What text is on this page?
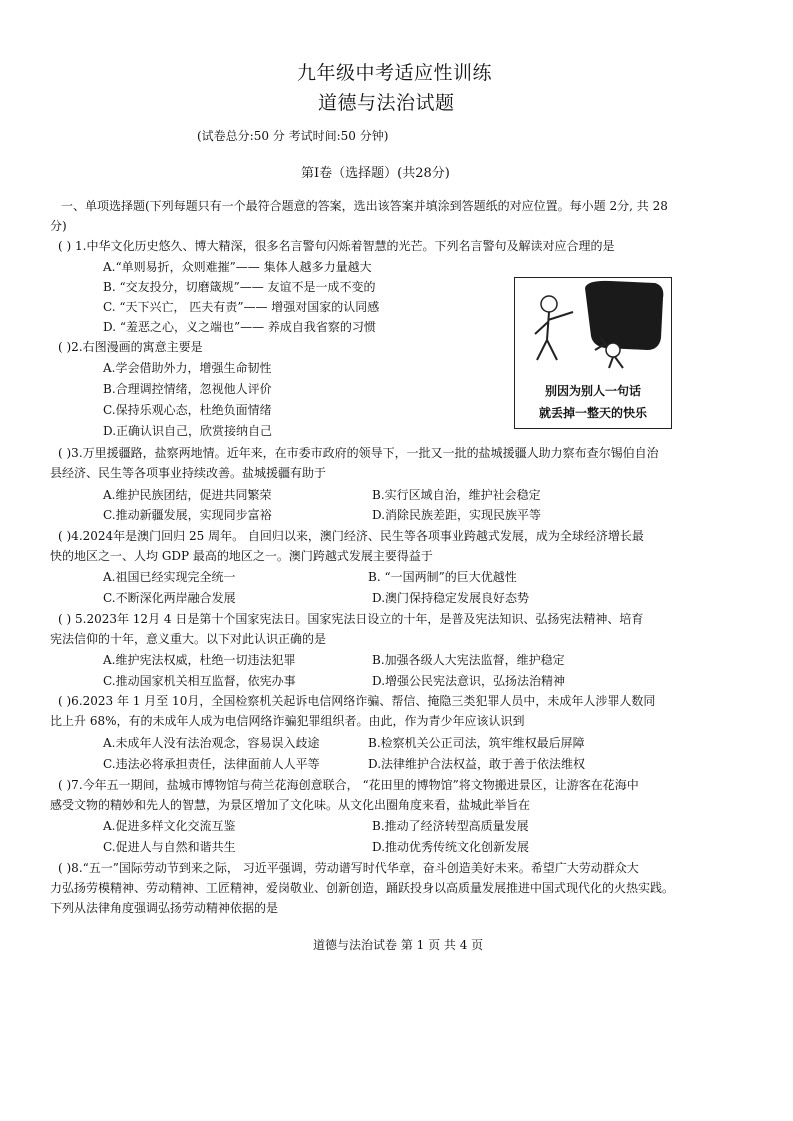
九年级中考适应性训练
道德与法治试题
(试卷总分:50 分 考试时间:50 分钟)
第Ⅰ卷（选择题）(共28分)
一、单项选择题(下列每题只有一个最符合题意的答案，选出该答案并填涂到答题纸的对应位置。每小题 2分, 共 28
分)
( ) 1.中华文化历史悠久、博大精深，很多名言警句闪烁着智慧的光芒。下列名言警句及解读对应合理的是
A.“单则易折，众则难摧”—— 集体人越多力量越大
B. “交友投分，切磨箴规”—— 友谊不是一成不变的
C. “天下兴亡， 匹夫有责”—— 增强对国家的认同感
D. “羞恶之心，义之端也”—— 养成自我省察的习惯
别因为别人一句话
就丢掉一整天的快乐
( )2.右图漫画的寓意主要是
A.学会借助外力，增强生命韧性
B.合理调控情绪，忽视他人评价
C.保持乐观心态，杜绝负面情绪
D.正确认识自己，欣赏接纳自己
( )3.万里援疆路，盐察两地情。近年来，在市委市政府的领导下，一批又一批的盐城援疆人助力察布查尔锡伯自治
县经济、民生等各项事业持续改善。盐城援疆有助于
A.维护民族团结，促进共同繁荣	B.实行区域自治，维护社会稳定
C.推动新疆发展，实现同步富裕	D.消除民族差距，实现民族平等
( )4.2024年是澳门回归 25 周年。 自回归以来，澳门经济、民生等各项事业跨越式发展，成为全球经济增长最
快的地区之一、人均 GDP 最高的地区之一。澳门跨越式发展主要得益于
A.祖国已经实现完全统一	B. “一国两制”的巨大优越性
C.不断深化两岸融合发展	D.澳门保持稳定发展良好态势
( ) 5.2023年 12月 4 日是第十个国家宪法日。国家宪法日设立的十年，是普及宪法知识、弘扬宪法精神、培育
宪法信仰的十年，意义重大。以下对此认识正确的是
A.维护宪法权威，杜绝一切违法犯罪	B.加强各级人大宪法监督，维护稳定
C.推动国家机关相互监督，依宪办事	D.增强公民宪法意识，弘扬法治精神
( )6.2023 年 1 月至 10月，全国检察机关起诉电信网络诈骗、帮信、掩隐三类犯罪人员中，未成年人涉罪人数同
比上升 68%，有的未成年人成为电信网络诈骗犯罪组织者。由此，作为青少年应该认识到
A.未成年人没有法治观念，容易误入歧途	B.检察机关公正司法，筑牢维权最后屏障
C.违法必将承担责任，法律面前人人平等	D.法律维护合法权益，敢于善于依法维权
( )7.今年五一期间，盐城市博物馆与荷兰花海创意联合， “花田里的博物馆”将文物搬进景区，让游客在花海中
感受文物的精妙和先人的智慧，为景区增加了文化味。从文化出圈角度来看，盐城此举旨在
A.促进多样文化交流互鉴	B.推动了经济转型高质量发展
C.促进人与自然和谐共生	D.推动优秀传统文化创新发展
( )8.“五一”国际劳动节到来之际， 习近平强调，劳动谱写时代华章，奋斗创造美好未来。希望广大劳动群众大
力弘扬劳模精神、劳动精神、工匠精神，爱岗敬业、创新创造，踊跃投身以高质量发展推进中国式现代化的火热实践。
下列从法律角度强调弘扬劳动精神依据的是
道德与法治试卷 第 1 页 共 4 页
